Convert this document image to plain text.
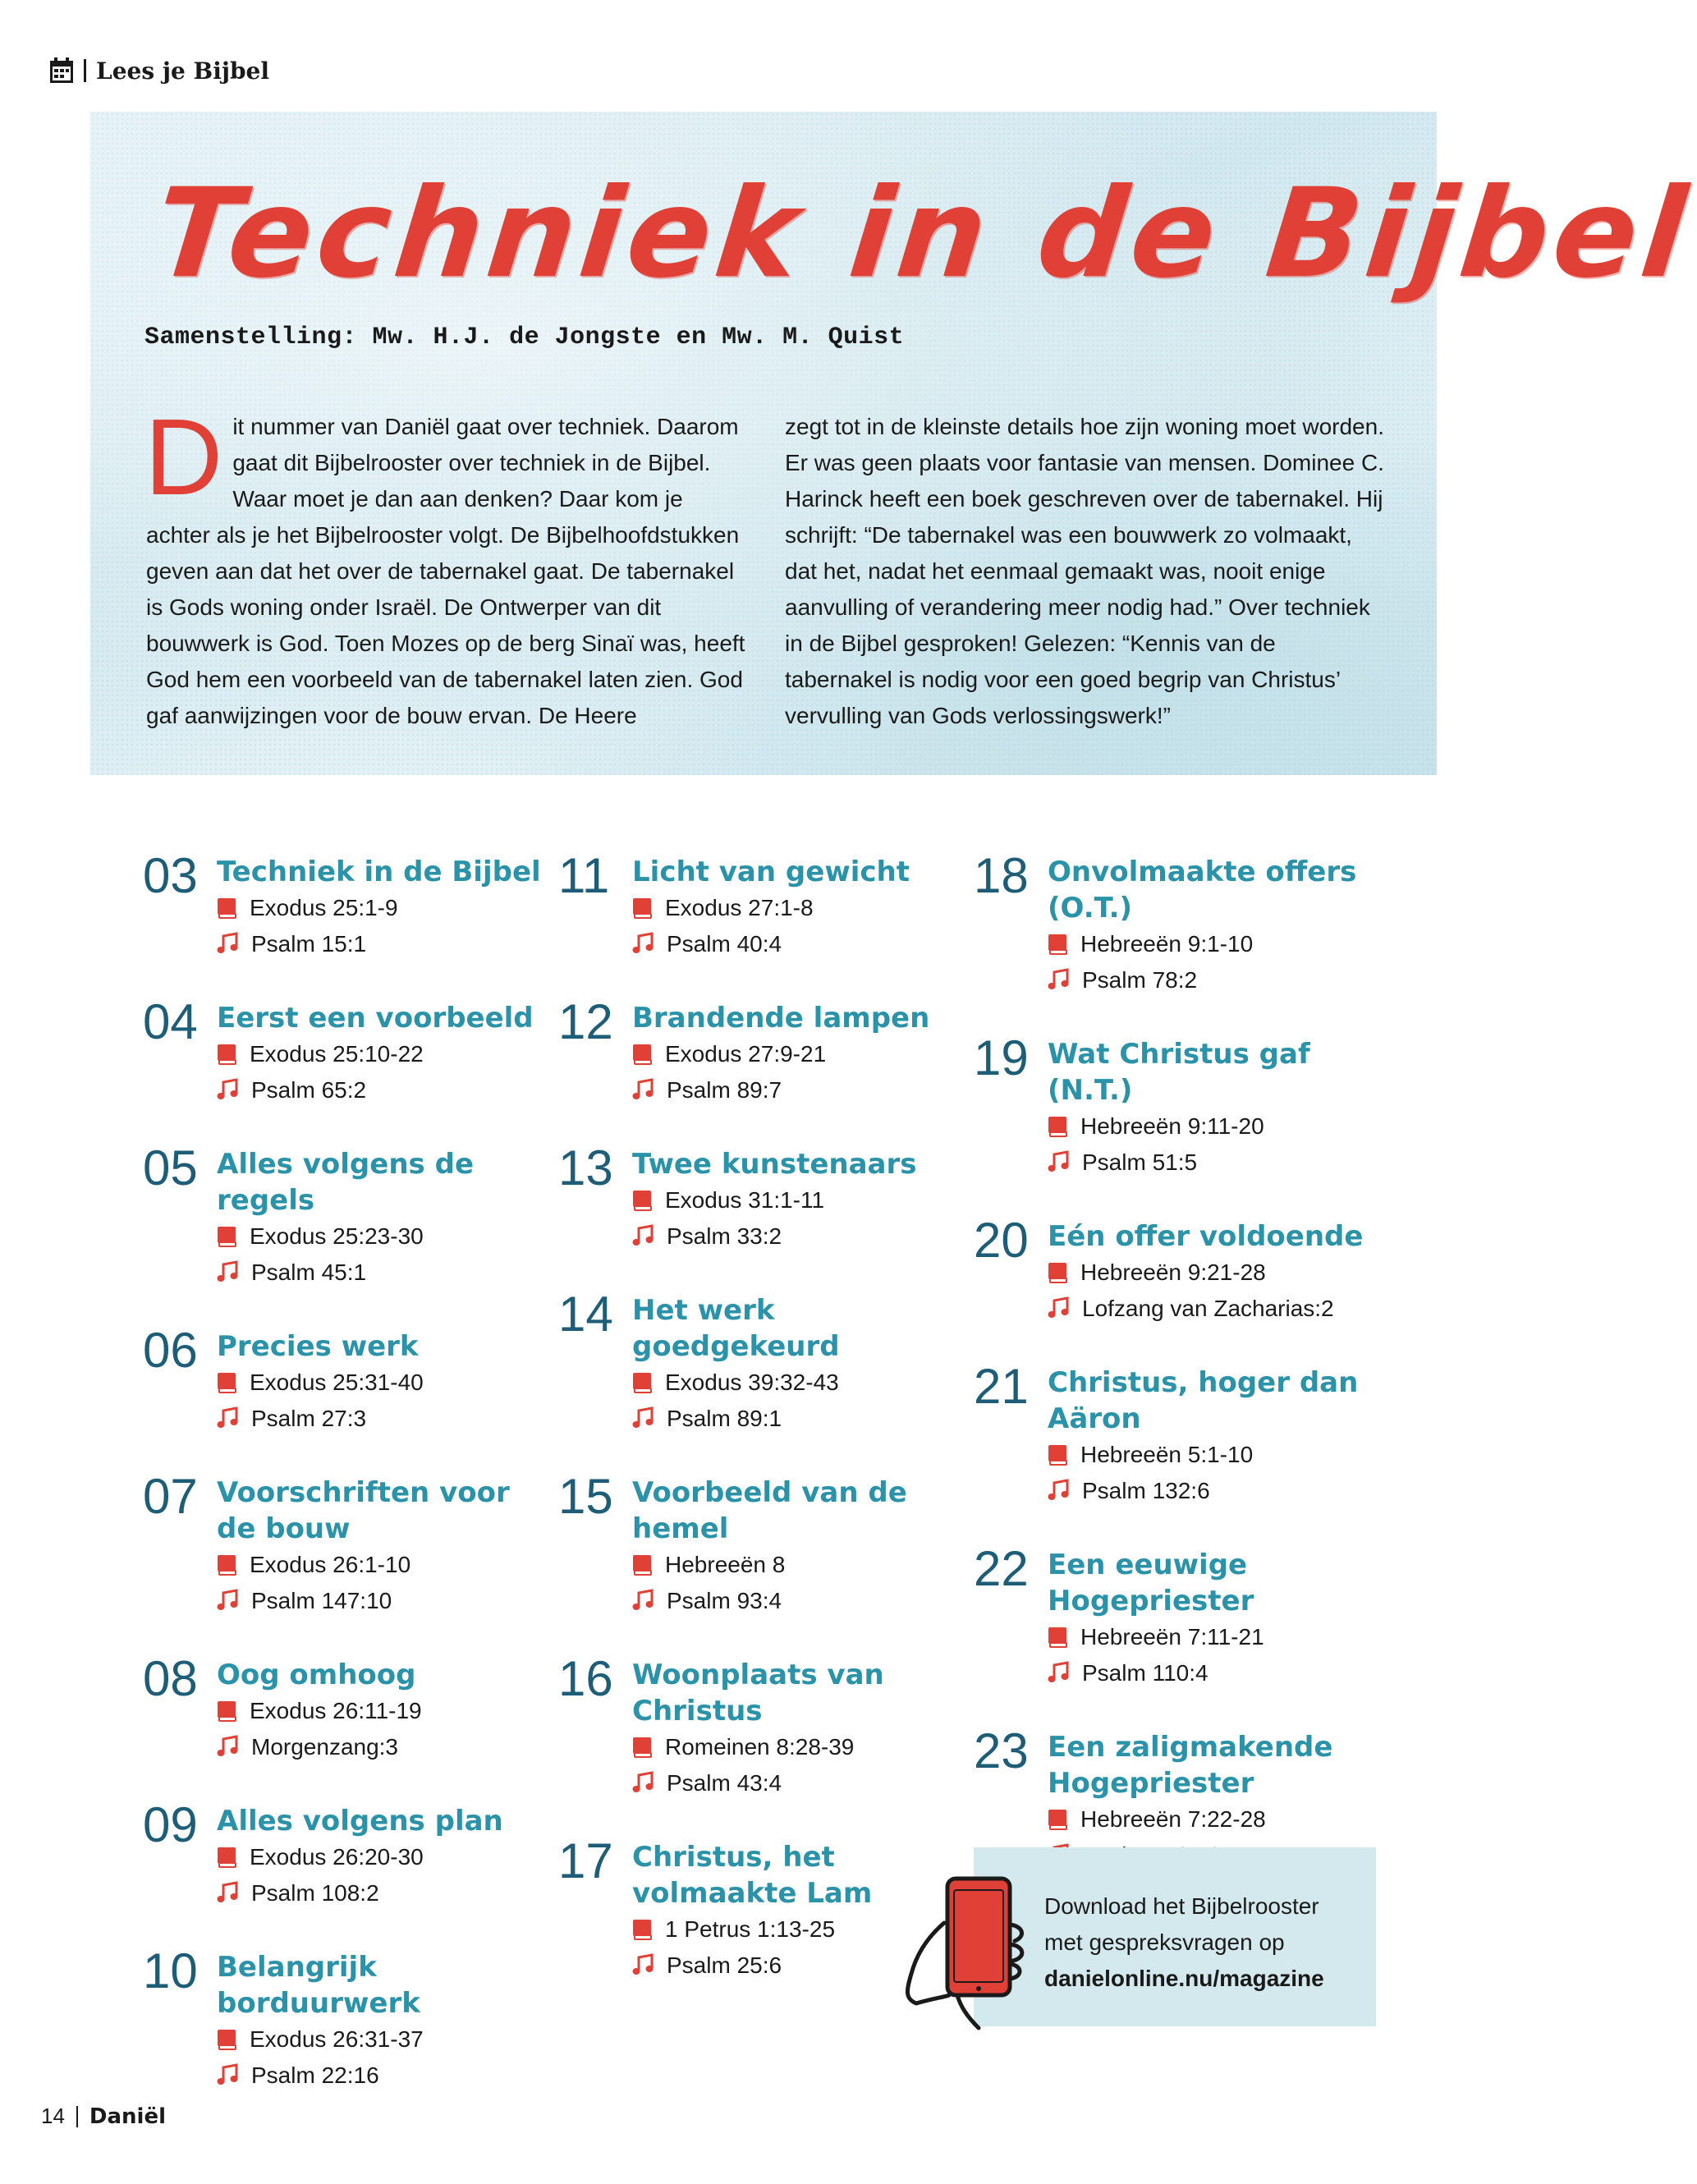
Lees je Bijbel
Techniek in de Bijbel
Samenstelling: Mw. H.J. de Jongste en Mw. M. Quist
Dit nummer van Daniël gaat over techniek. Daarom gaat dit Bijbelrooster over techniek in de Bijbel. Waar moet je dan aan denken? Daar kom je achter als je het Bijbelrooster volgt. De Bijbelhoofdstukken geven aan dat het over de tabernakel gaat. De tabernakel is Gods woning onder Israël. De Ontwerper van dit bouwwerk is God. Toen Mozes op de berg Sinaï was, heeft God hem een voorbeeld van de tabernakel laten zien. God gaf aanwijzingen voor de bouw ervan. De Heere
zegt tot in de kleinste details hoe zijn woning moet worden. Er was geen plaats voor fantasie van mensen. Dominee C. Harinck heeft een boek geschreven over de tabernakel. Hij schrijft: “De tabernakel was een bouwwerk zo volmaakt, dat het, nadat het eenmaal gemaakt was, nooit enige aanvulling of verandering meer nodig had.” Over techniek in de Bijbel gesproken! Gelezen: “Kennis van de tabernakel is nodig voor een goed begrip van Christus’ vervulling van Gods verlossingswerk!”
03 Techniek in de Bijbel
Exodus 25:1-9
Psalm 15:1
04 Eerst een voorbeeld
Exodus 25:10-22
Psalm 65:2
05 Alles volgens de regels
Exodus 25:23-30
Psalm 45:1
06 Precies werk
Exodus 25:31-40
Psalm 27:3
07 Voorschriften voor de bouw
Exodus 26:1-10
Psalm 147:10
08 Oog omhoog
Exodus 26:11-19
Morgenzang:3
09 Alles volgens plan
Exodus 26:20-30
Psalm 108:2
10 Belangrijk borduurwerk
Exodus 26:31-37
Psalm 22:16
11 Licht van gewicht
Exodus 27:1-8
Psalm 40:4
12 Brandende lampen
Exodus 27:9-21
Psalm 89:7
13 Twee kunstenaars
Exodus 31:1-11
Psalm 33:2
14 Het werk goedgekeurd
Exodus 39:32-43
Psalm 89:1
15 Voorbeeld van de hemel
Hebreeën 8
Psalm 93:4
16 Woonplaats van Christus
Romeinen 8:28-39
Psalm 43:4
17 Christus, het volmaakte Lam
1 Petrus 1:13-25
Psalm 25:6
18 Onvolmaakte offers (O.T.)
Hebreeën 9:1-10
Psalm 78:2
19 Wat Christus gaf (N.T.)
Hebreeën 9:11-20
Psalm 51:5
20 Eén offer voldoende
Hebreeën 9:21-28
Lofzang van Zacharias:2
21 Christus, hoger dan Aäron
Hebreeën 5:1-10
Psalm 132:6
22 Een eeuwige Hogepriester
Hebreeën 7:11-21
Psalm 110:4
23 Een zaligmakende Hogepriester
Hebreeën 7:22-28
Download het Bijbelrooster
met gespreksvragen op
danielonline.nu/magazine
14 Daniël
